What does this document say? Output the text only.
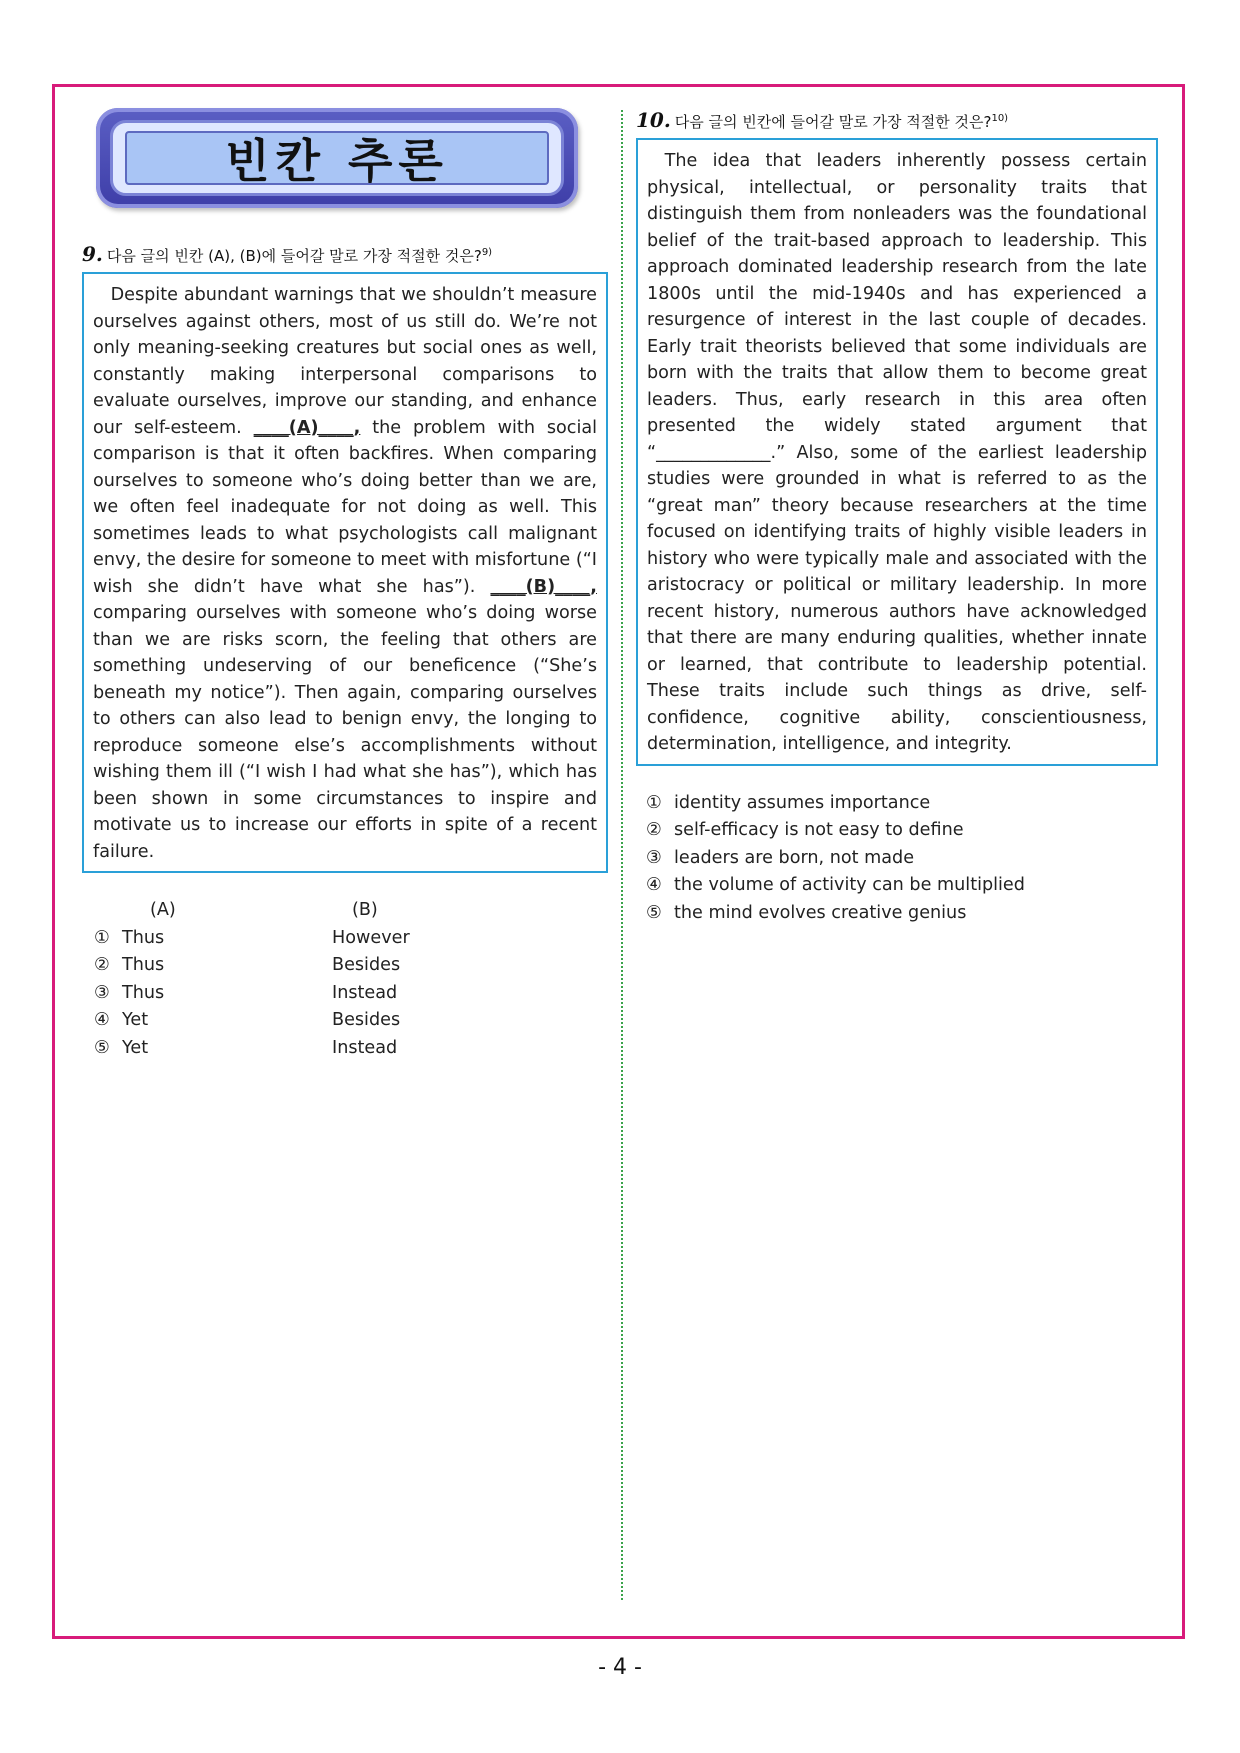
빈칸 추론

9. 다음 글의 빈칸 (A), (B)에 들어갈 말로 가장 적절한 것은?$^{9)}$

Despite abundant warnings that we shouldn’t measure ourselves against others, most of us still do. We’re not only meaning-seeking creatures but social ones as well, constantly making interpersonal comparisons to evaluate ourselves, improve our standing, and enhance our self-esteem. ____(A)____, the problem with social comparison is that it often backfires. When comparing ourselves to someone who’s doing better than we are, we often feel inadequate for not doing as well. This sometimes leads to what psychologists call malignant envy, the desire for someone to meet with misfortune (“I wish she didn’t have what she has”). ____(B)____, comparing ourselves with someone who’s doing worse than we are risks scorn, the feeling that others are something undeserving of our beneficence (“She’s beneath my notice”). Then again, comparing ourselves to others can also lead to benign envy, the longing to reproduce someone else’s accomplishments without wishing them ill (“I wish I had what she has”), which has been shown in some circumstances to inspire and motivate us to increase our efforts in spite of a recent failure.

(A)	(B)
① Thus	However
② Thus	Besides
③ Thus	Instead
④ Yet	Besides
⑤ Yet	Instead

10. 다음 글의 빈칸에 들어갈 말로 가장 적절한 것은?$^{10)}$

The idea that leaders inherently possess certain physical, intellectual, or personality traits that distinguish them from nonleaders was the foundational belief of the trait-based approach to leadership. This approach dominated leadership research from the late 1800s until the mid-1940s and has experienced a resurgence of interest in the last couple of decades. Early trait theorists believed that some individuals are born with the traits that allow them to become great leaders. Thus, early research in this area often presented the widely stated argument that “_____________.” Also, some of the earliest leadership studies were grounded in what is referred to as the “great man” theory because researchers at the time focused on identifying traits of highly visible leaders in history who were typically male and associated with the aristocracy or political or military leadership. In more recent history, numerous authors have acknowledged that there are many enduring qualities, whether innate or learned, that contribute to leadership potential. These traits include such things as drive, self-confidence, cognitive ability, conscientiousness, determination, intelligence, and integrity.

① identity assumes importance
② self-efficacy is not easy to define
③ leaders are born, not made
④ the volume of activity can be multiplied
⑤ the mind evolves creative genius
- 4 -
